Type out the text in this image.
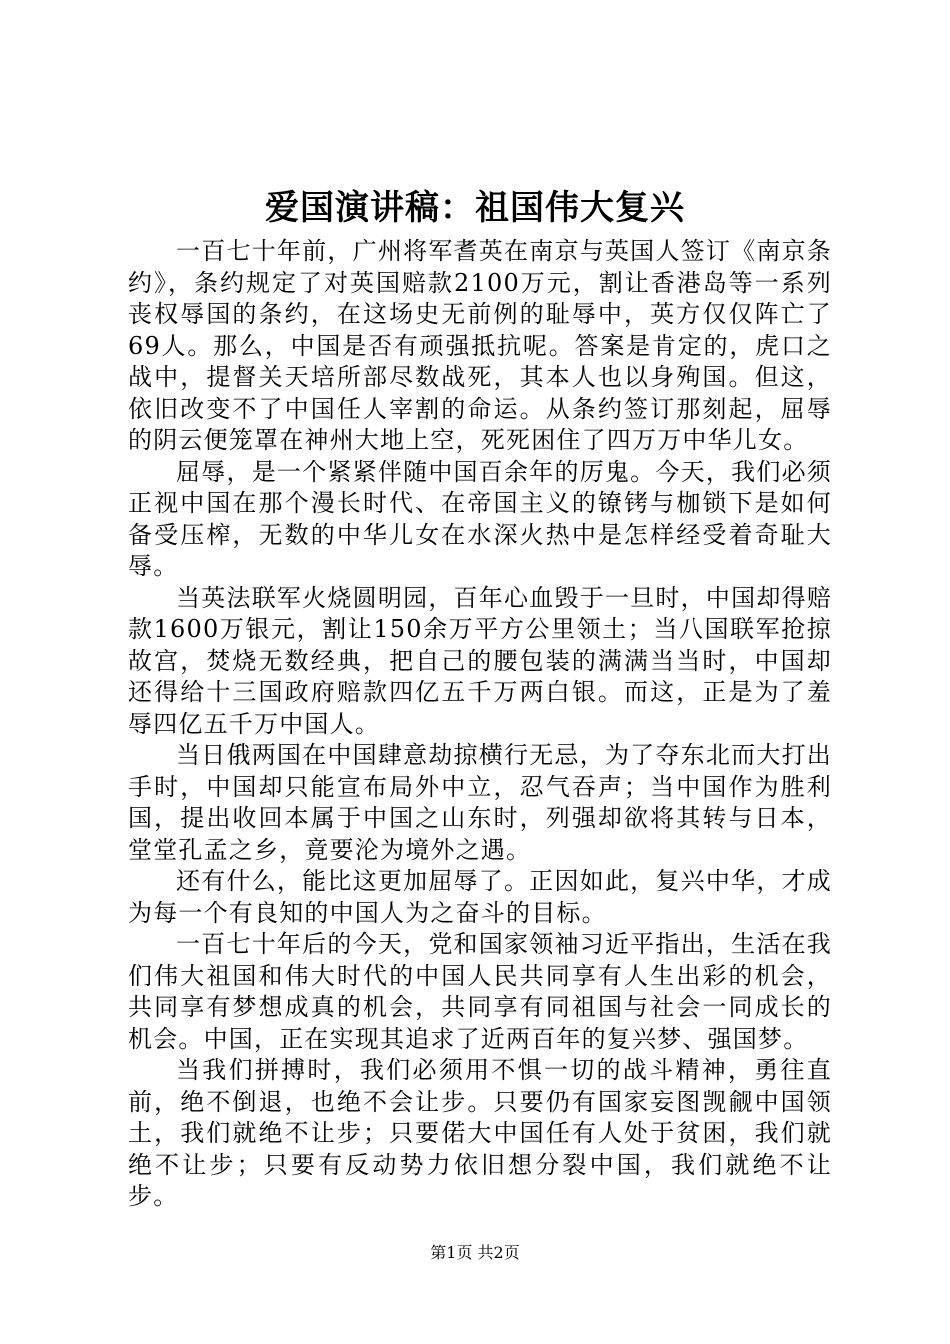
爱国演讲稿：祖国伟大复兴

一百七十年前，广州将军耆英在南京与英国人签订《南京条约》，条约规定了对英国赔款2100万元，割让香港岛等一系列丧权辱国的条约，在这场史无前例的耻辱中，英方仅仅阵亡了69人。那么，中国是否有顽强抵抗呢。答案是肯定的，虎口之战中，提督关天培所部尽数战死，其本人也以身殉国。但这，依旧改变不了中国任人宰割的命运。从条约签订那刻起，屈辱的阴云便笼罩在神州大地上空，死死困住了四万万中华儿女。

屈辱，是一个紧紧伴随中国百余年的厉鬼。今天，我们必须正视中国在那个漫长时代、在帝国主义的镣铐与枷锁下是如何备受压榨，无数的中华儿女在水深火热中是怎样经受着奇耻大辱。

当英法联军火烧圆明园，百年心血毁于一旦时，中国却得赔款1600万银元，割让150余万平方公里领土；当八国联军抢掠故宫，焚烧无数经典，把自己的腰包装的满满当当时，中国却还得给十三国政府赔款四亿五千万两白银。而这，正是为了羞辱四亿五千万中国人。

当日俄两国在中国肆意劫掠横行无忌，为了夺东北而大打出手时，中国却只能宣布局外中立，忍气吞声；当中国作为胜利国，提出收回本属于中国之山东时，列强却欲将其转与日本，堂堂孔孟之乡，竟要沦为境外之遇。

还有什么，能比这更加屈辱了。正因如此，复兴中华，才成为每一个有良知的中国人为之奋斗的目标。

一百七十年后的今天，党和国家领袖习近平指出，生活在我们伟大祖国和伟大时代的中国人民共同享有人生出彩的机会，共同享有梦想成真的机会，共同享有同祖国与社会一同成长的机会。中国，正在实现其追求了近两百年的复兴梦、强国梦。

当我们拼搏时，我们必须用不惧一切的战斗精神，勇往直前，绝不倒退，也绝不会让步。只要仍有国家妄图觊觎中国领土，我们就绝不让步；只要偌大中国任有人处于贫困，我们就绝不让步；只要有反动势力依旧想分裂中国，我们就绝不让步。

第1页 共2页
